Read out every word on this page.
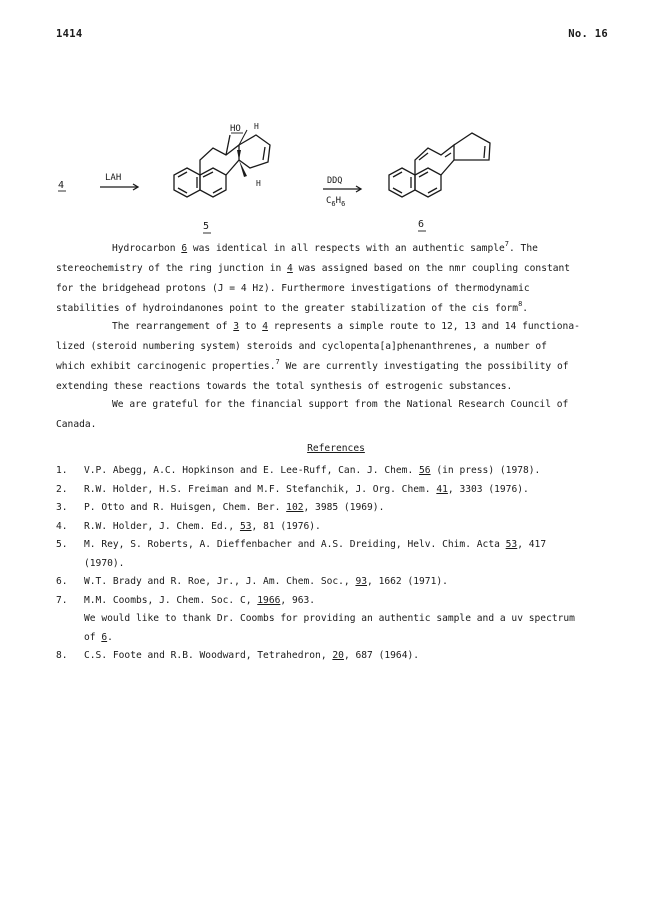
1414	No. 16
4
LAH
HO H
H
5
DDQ
$C_6H_6$
6
Hydrocarbon 6 was identical in all respects with an authentic sample$^7$. The
stereochemistry of the ring junction in 4 was assigned based on the nmr coupling constant
for the bridgehead protons (J = 4 Hz). Furthermore investigations of thermodynamic
stabilities of hydroindanones point to the greater stabilization of the cis form$^8$.
The rearrangement of 3 to 4 represents a simple route to 12, 13 and 14 functiona-
lized (steroid numbering system) steroids and cyclopenta[a]phenanthrenes, a number of
which exhibit carcinogenic properties.$^7$ We are currently investigating the possibility of
extending these reactions towards the total synthesis of estrogenic substances.
We are grateful for the financial support from the National Research Council of
Canada.
References
1.	V.P. Abegg, A.C. Hopkinson and E. Lee-Ruff, Can. J. Chem. 56 (in press) (1978).
2.	R.W. Holder, H.S. Freiman and M.F. Stefanchik, J. Org. Chem. 41, 3303 (1976).
3.	P. Otto and R. Huisgen, Chem. Ber. 102, 3985 (1969).
4.	R.W. Holder, J. Chem. Ed., 53, 81 (1976).
5.	M. Rey, S. Roberts, A. Dieffenbacher and A.S. Dreiding, Helv. Chim. Acta 53, 417
(1970).
6.	W.T. Brady and R. Roe, Jr., J. Am. Chem. Soc., 93, 1662 (1971).
7.	M.M. Coombs, J. Chem. Soc. C, 1966, 963.
We would like to thank Dr. Coombs for providing an authentic sample and a uv spectrum
of 6.
8.	C.S. Foote and R.B. Woodward, Tetrahedron, 20, 687 (1964).
